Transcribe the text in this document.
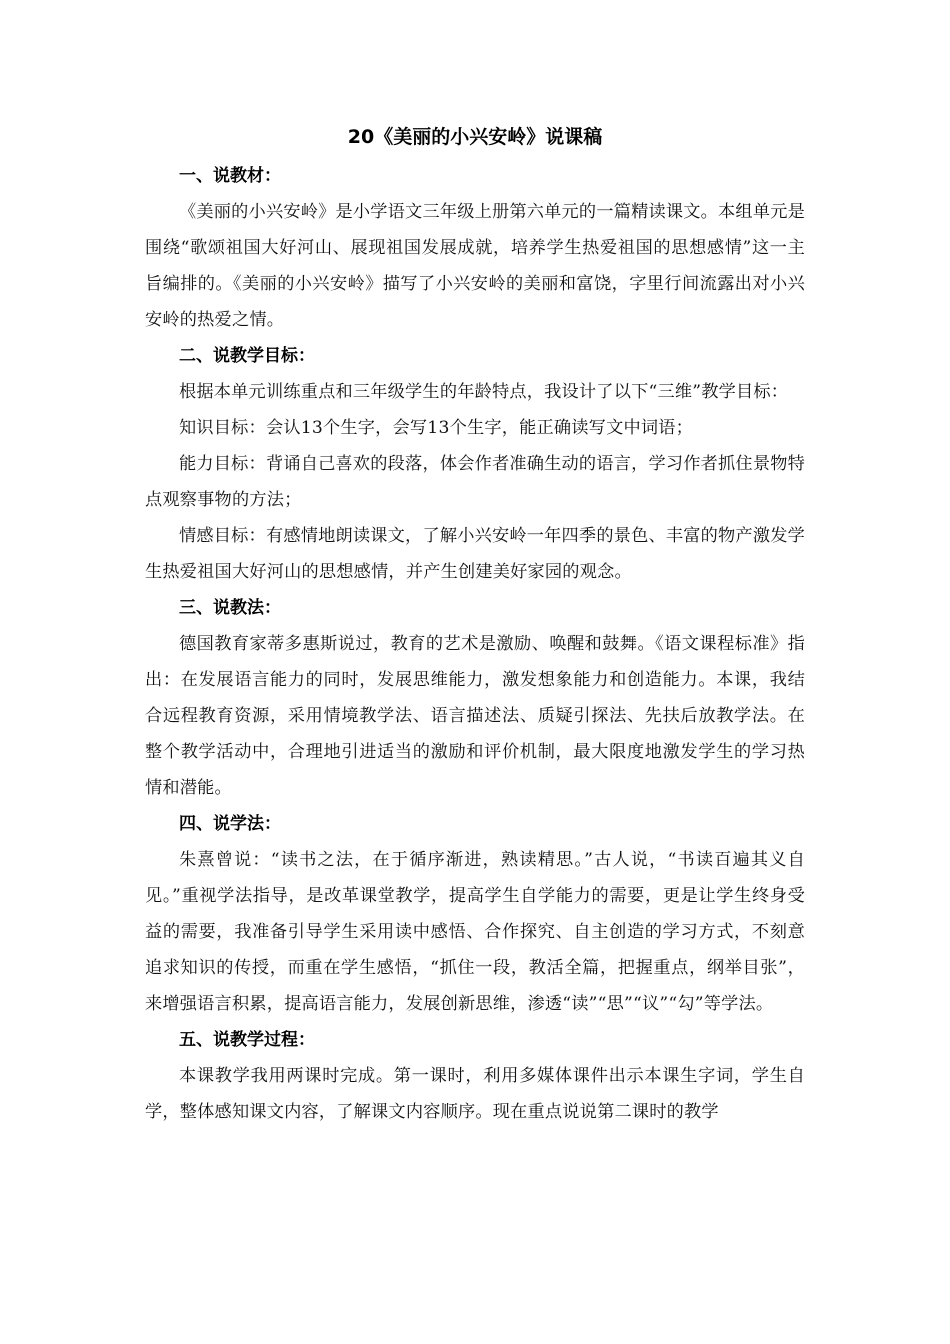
20《美丽的小兴安岭》说课稿
一、说教材：

《美丽的小兴安岭》是小学语文三年级上册第六单元的一篇精读课文。本组单元是围绕“歌颂祖国大好河山、展现祖国发展成就，培养学生热爱祖国的思想感情”这一主旨编排的。《美丽的小兴安岭》描写了小兴安岭的美丽和富饶，字里行间流露出对小兴安岭的热爱之情。

二、说教学目标：

根据本单元训练重点和三年级学生的年龄特点，我设计了以下“三维”教学目标：

知识目标：会认13个生字，会写13个生字，能正确读写文中词语；

能力目标：背诵自己喜欢的段落，体会作者准确生动的语言，学习作者抓住景物特点观察事物的方法；

情感目标：有感情地朗读课文，了解小兴安岭一年四季的景色、丰富的物产激发学生热爱祖国大好河山的思想感情，并产生创建美好家园的观念。

三、说教法：

德国教育家蒂多惠斯说过，教育的艺术是激励、唤醒和鼓舞。《语文课程标准》指出：在发展语言能力的同时，发展思维能力，激发想象能力和创造能力。本课，我结合远程教育资源，采用情境教学法、语言描述法、质疑引探法、先扶后放教学法。在整个教学活动中，合理地引进适当的激励和评价机制，最大限度地激发学生的学习热情和潜能。

四、说学法：

朱熹曾说：“读书之法，在于循序渐进，熟读精思。”古人说，“书读百遍其义自见。”重视学法指导，是改革课堂教学，提高学生自学能力的需要，更是让学生终身受益的需要，我准备引导学生采用读中感悟、合作探究、自主创造的学习方式，不刻意追求知识的传授，而重在学生感悟，“抓住一段，教活全篇，把握重点，纲举目张”，来增强语言积累，提高语言能力，发展创新思维，渗透“读”“思”“议”“勾”等学法。

五、说教学过程：

本课教学我用两课时完成。第一课时，利用多媒体课件出示本课生字词，学生自学，整体感知课文内容，了解课文内容顺序。现在重点说说第二课时的教学
